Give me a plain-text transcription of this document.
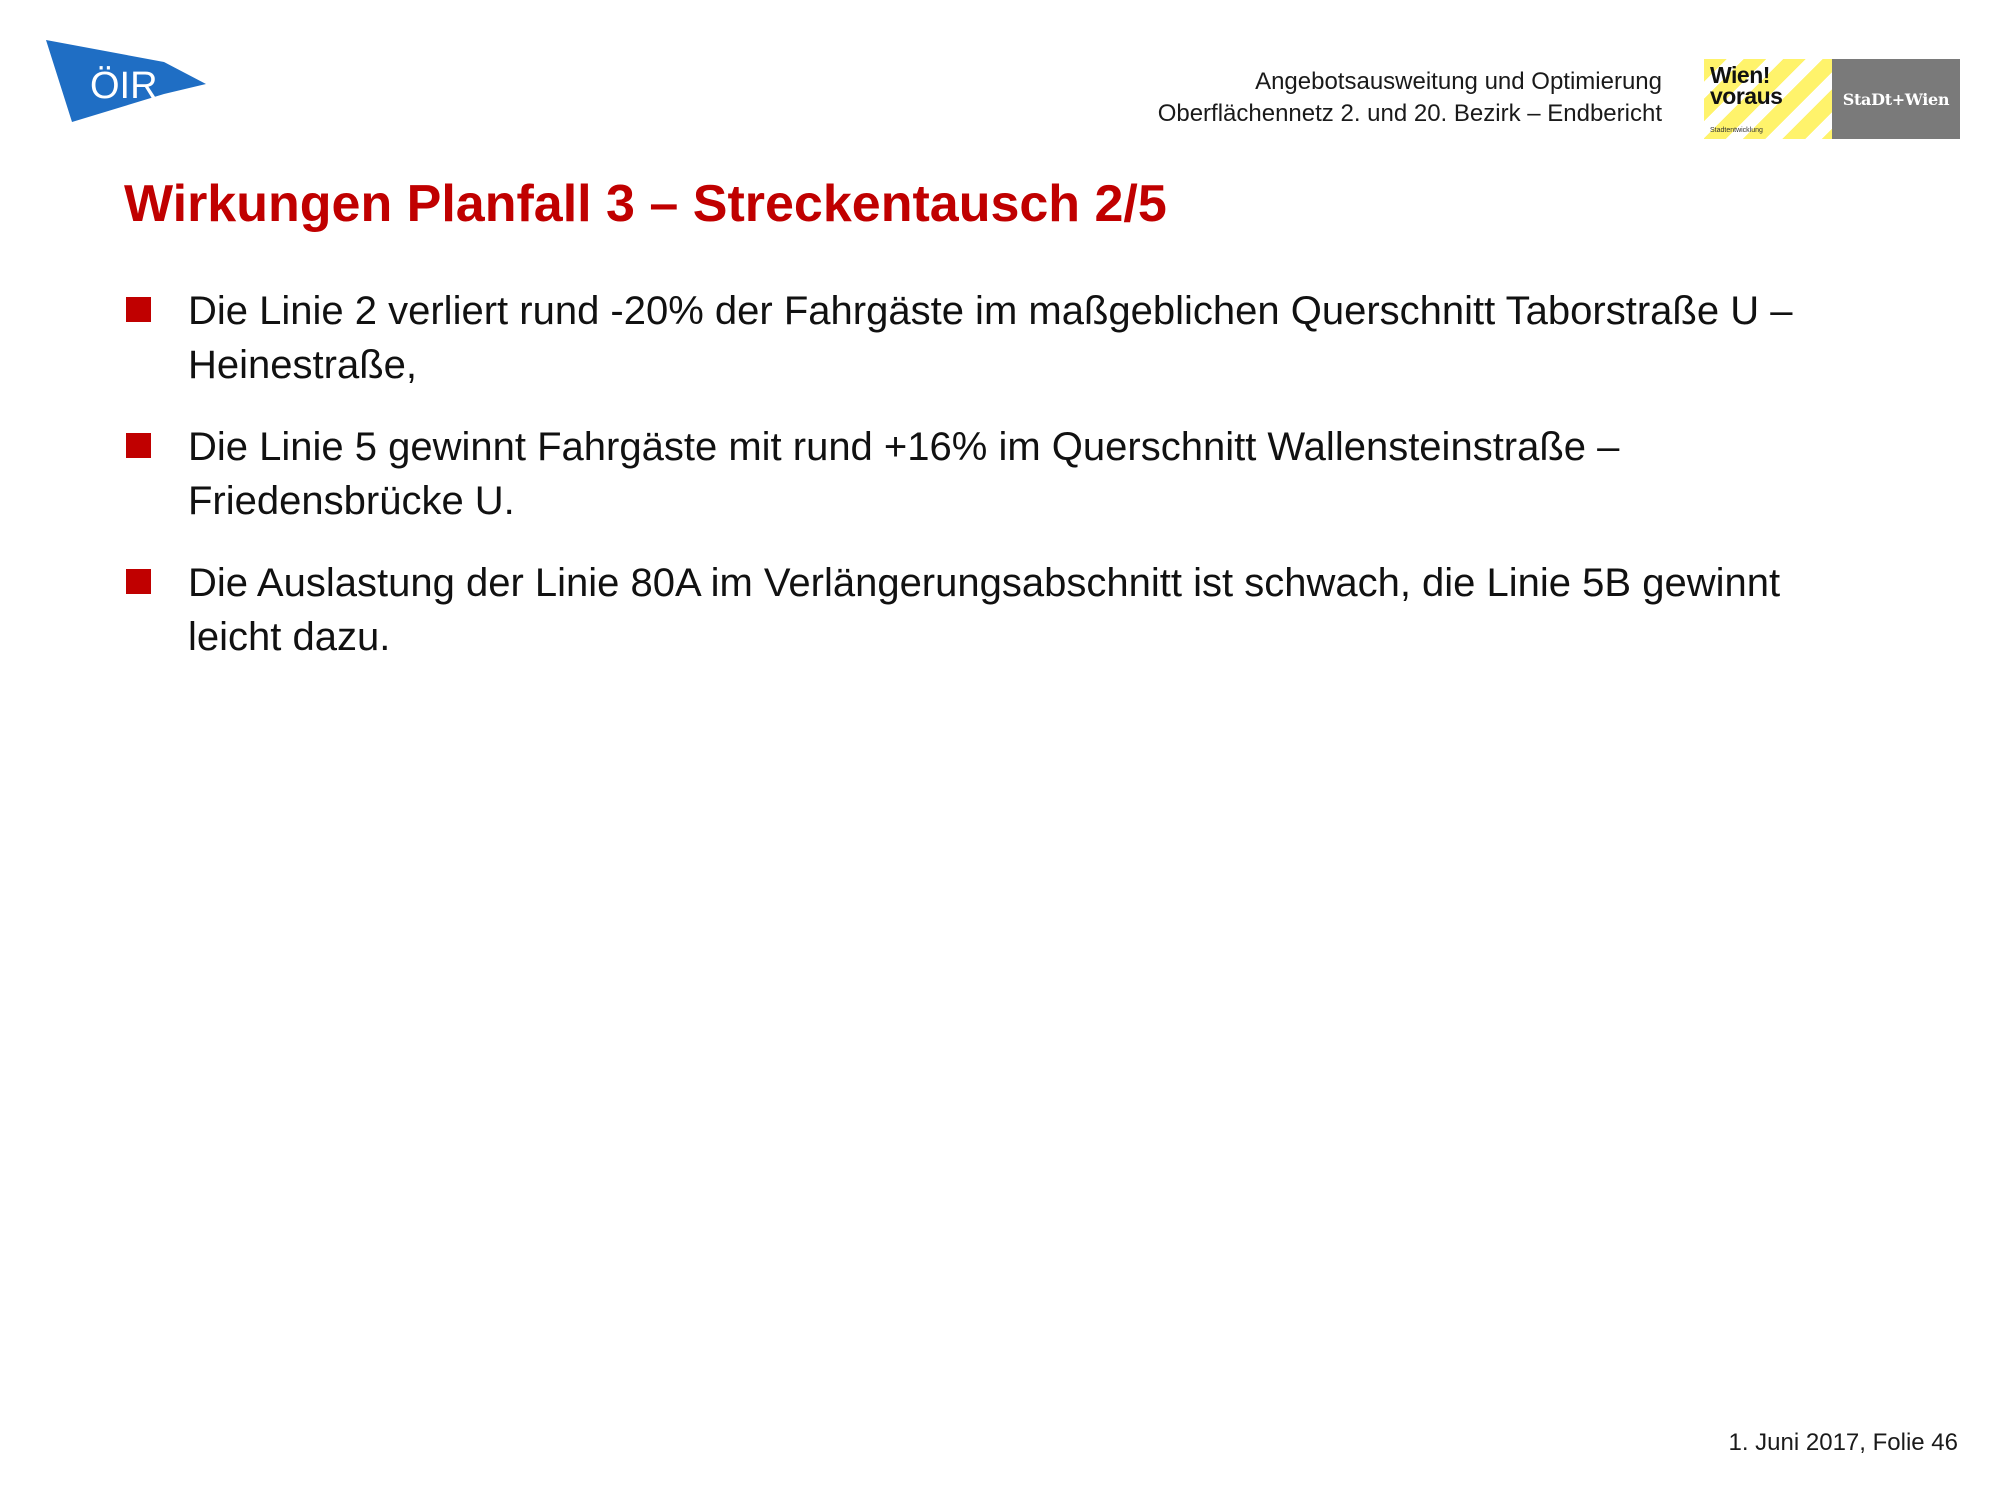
ÖIR	Angebotsausweitung und Optimierung
Oberflächennetz 2. und 20. Bezirk – Endbericht
Wien!
voraus
Stadtentwicklung
StaDt+Wien
Wirkungen Planfall 3 – Streckentausch 2/5
Die Linie 2 verliert rund -20% der Fahrgäste im maßgeblichen Querschnitt Taborstraße U – Heinestraße,
Die Linie 5 gewinnt Fahrgäste mit rund +16% im Querschnitt Wallensteinstraße – Friedensbrücke U.
Die Auslastung der Linie 80A im Verlängerungsabschnitt ist schwach, die Linie 5B gewinnt leicht dazu.
1. Juni 2017, Folie 46
